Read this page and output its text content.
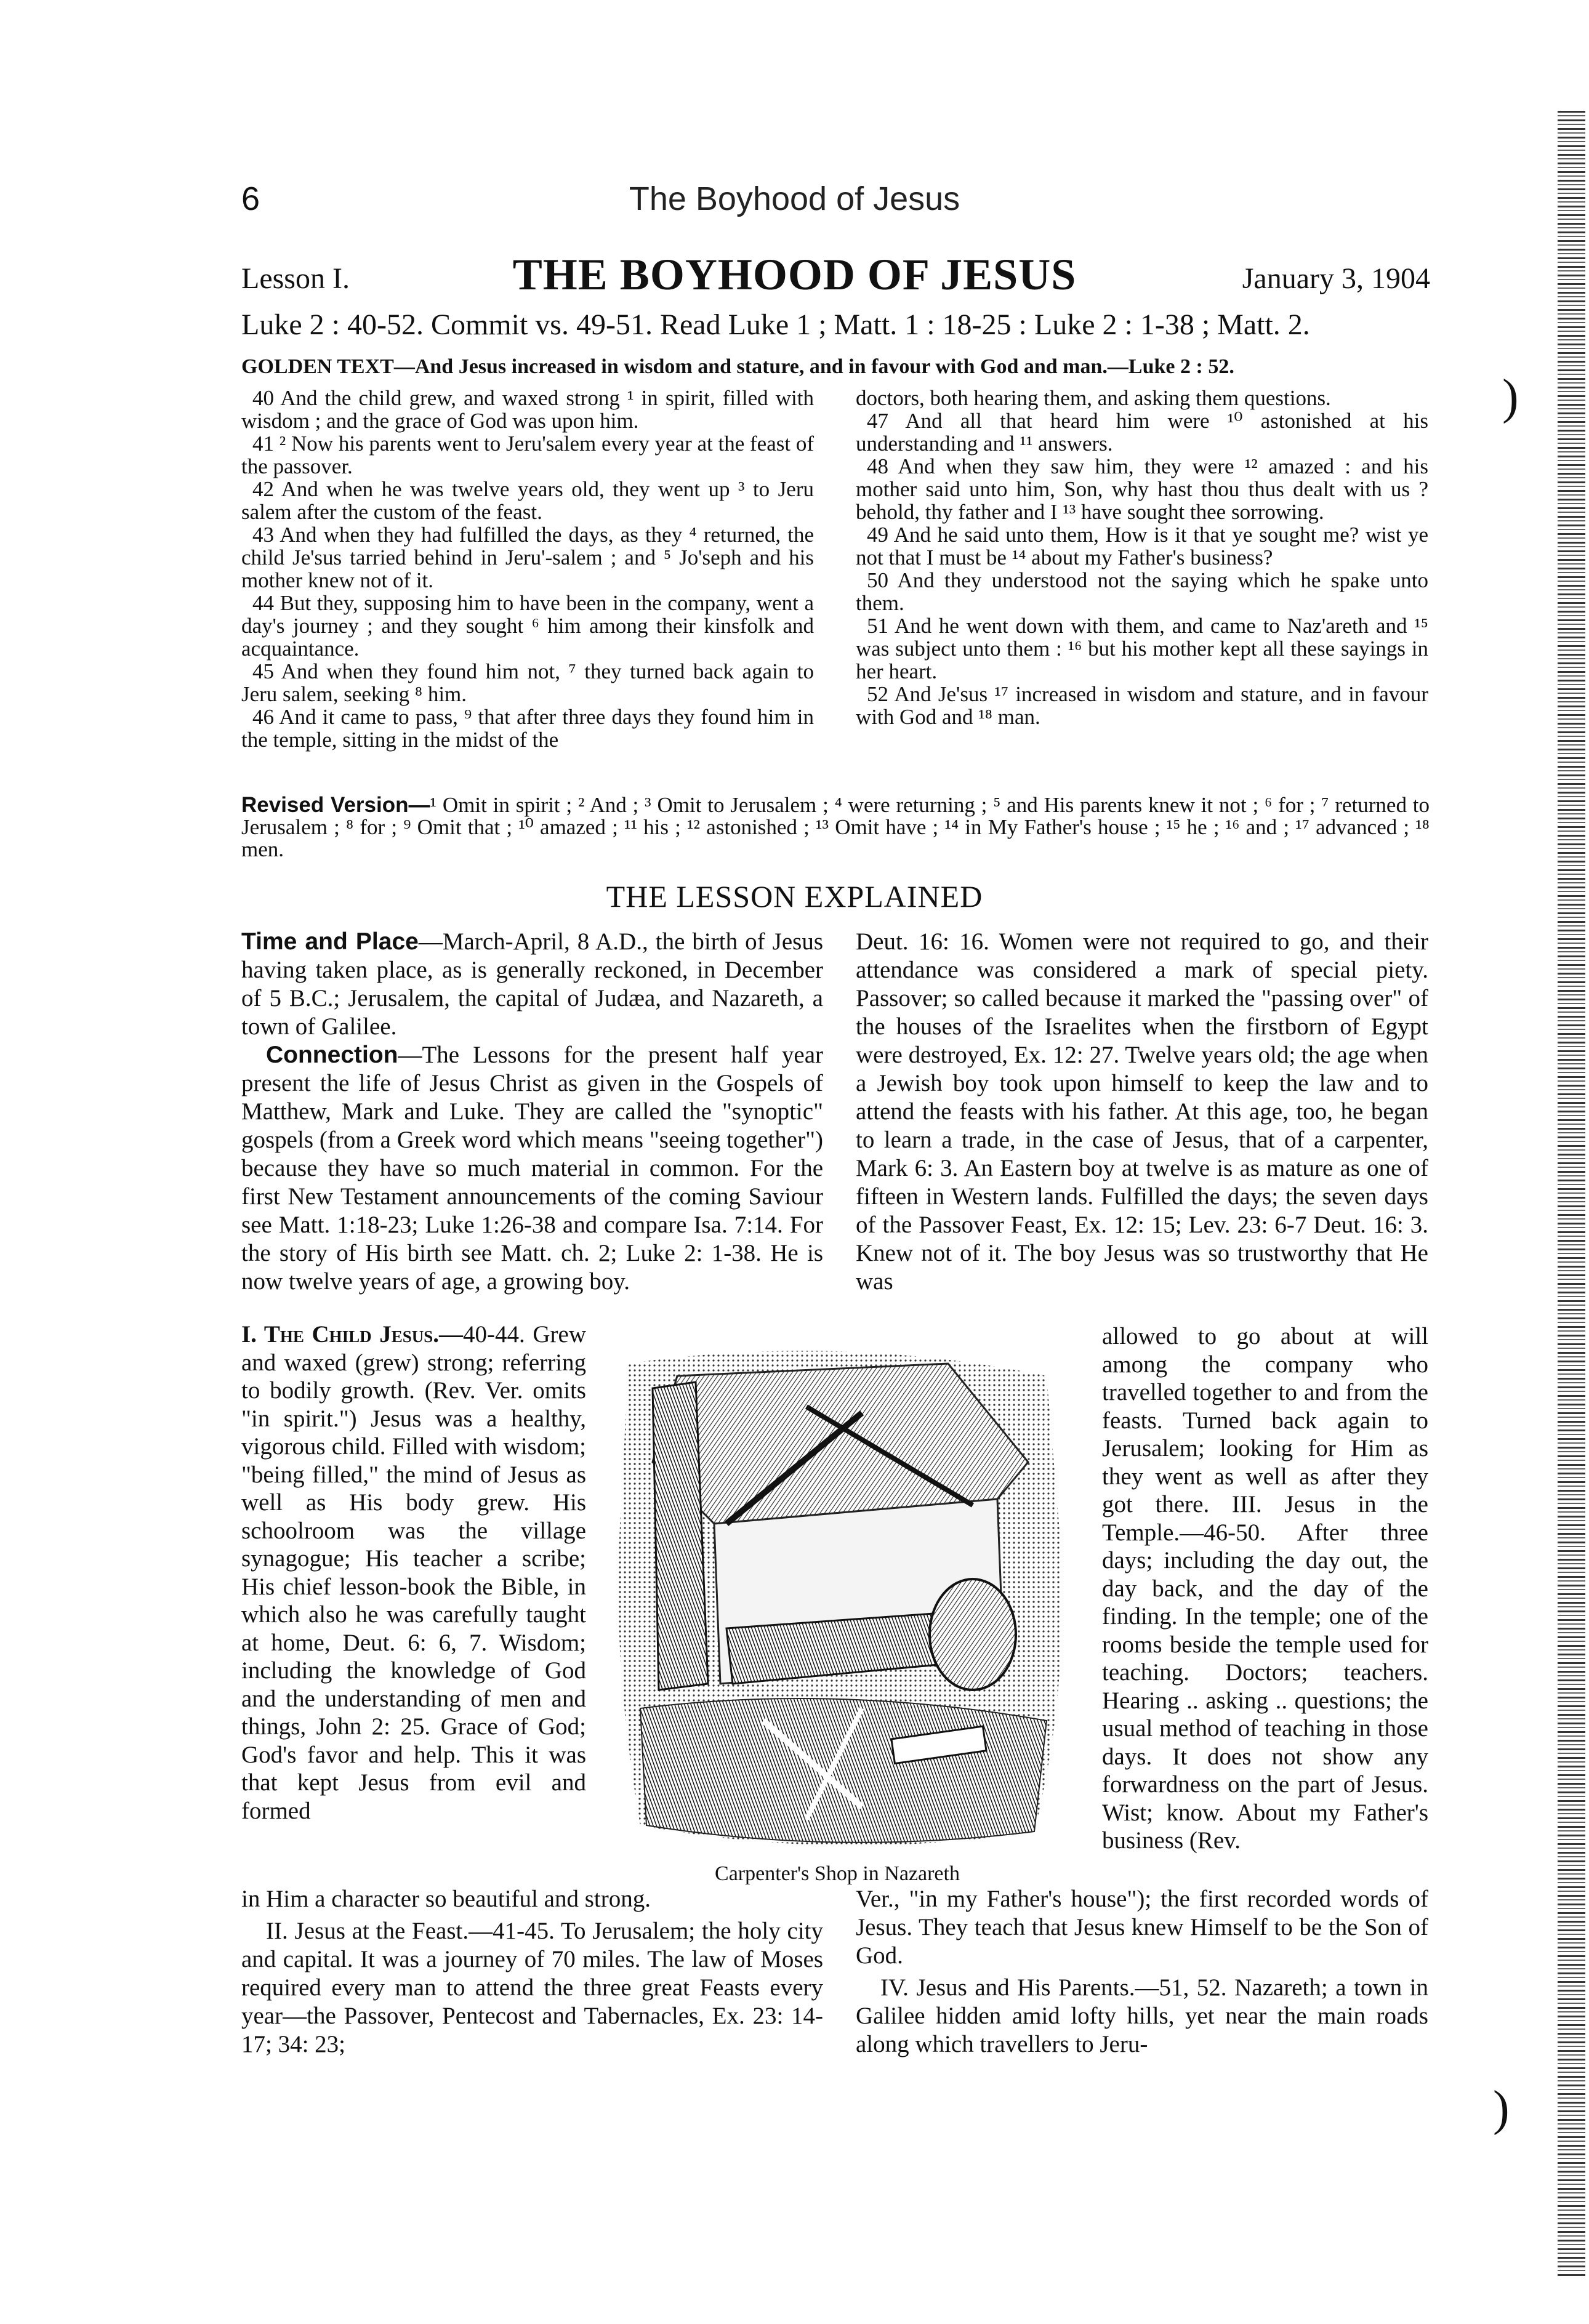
6	The Boyhood of Jesus
Lesson I.	THE BOYHOOD OF JESUS	January 3, 1904
Luke 2 : 40-52. Commit vs. 49-51. Read Luke 1 ; Matt. 1 : 18-25 : Luke 2 : 1-38 ; Matt. 2.
GOLDEN TEXT—And Jesus increased in wisdom and stature, and in favour with God and man.—Luke 2 : 52.

40 And the child grew, and waxed strong ¹ in spirit, filled with wisdom ; and the grace of God was upon him.

41 ² Now his parents went to Jeru'salem every year at the feast of the passover.

42 And when he was twelve years old, they went up ³ to Jeru salem after the custom of the feast.

43 And when they had fulfilled the days, as they ⁴ returned, the child Je'sus tarried behind in Jeru'-salem ; and ⁵ Jo'seph and his mother knew not of it.

44 But they, supposing him to have been in the company, went a day's journey ; and they sought ⁶ him among their kinsfolk and acquaintance.

45 And when they found him not, ⁷ they turned back again to Jeru salem, seeking ⁸ him.

46 And it came to pass, ⁹ that after three days they found him in the temple, sitting in the midst of the

doctors, both hearing them, and asking them questions.

47 And all that heard him were ¹⁰ astonished at his understanding and ¹¹ answers.

48 And when they saw him, they were ¹² amazed : and his mother said unto him, Son, why hast thou thus dealt with us ? behold, thy father and I ¹³ have sought thee sorrowing.

49 And he said unto them, How is it that ye sought me? wist ye not that I must be ¹⁴ about my Father's business?

50 And they understood not the saying which he spake unto them.

51 And he went down with them, and came to Naz'areth and ¹⁵ was subject unto them : ¹⁶ but his mother kept all these sayings in her heart.

52 And Je'sus ¹⁷ increased in wisdom and stature, and in favour with God and ¹⁸ man.

Revised Version—¹ Omit in spirit ; ² And ; ³ Omit to Jerusalem ; ⁴ were returning ; ⁵ and His parents knew it not ; ⁶ for ; ⁷ returned to Jerusalem ; ⁸ for ; ⁹ Omit that ; ¹⁰ amazed ; ¹¹ his ; ¹² astonished ; ¹³ Omit have ; ¹⁴ in My Father's house ; ¹⁵ he ; ¹⁶ and ; ¹⁷ advanced ; ¹⁸ men.
THE LESSON EXPLAINED

Time and Place—March-April, 8 A.D., the birth of Jesus having taken place, as is generally reckoned, in December of 5 B.C.; Jerusalem, the capital of Judæa, and Nazareth, a town of Galilee.

Connection—The Lessons for the present half year present the life of Jesus Christ as given in the Gospels of Matthew, Mark and Luke. They are called the "synoptic" gospels (from a Greek word which means "seeing together") because they have so much material in common. For the first New Testament announcements of the coming Saviour see Matt. 1:18-23; Luke 1:26-38 and compare Isa. 7:14. For the story of His birth see Matt. ch. 2; Luke 2: 1-38. He is now twelve years of age, a growing boy.

I. The Child Jesus.—40-44. Grew and waxed (grew) strong; referring to bodily growth. (Rev. Ver. omits "in spirit.") Jesus was a healthy, vigorous child. Filled with wisdom; "being filled," the mind of Jesus as well as His body grew. His schoolroom was the village synagogue; His teacher a scribe; His chief lesson-book the Bible, in which also he was carefully taught at home, Deut. 6: 6, 7. Wisdom; including the knowledge of God and the understanding of men and things, John 2: 25. Grace of God; God's favor and help. This it was that kept Jesus from evil and formed

in Him a character so beautiful and strong.

II. Jesus at the Feast.—41-45. To Jerusalem; the holy city and capital. It was a journey of 70 miles. The law of Moses required every man to attend the three great Feasts every year—the Passover, Pentecost and Tabernacles, Ex. 23: 14-17; 34: 23;

Deut. 16: 16. Women were not required to go, and their attendance was considered a mark of special piety. Passover; so called because it marked the "passing over" of the houses of the Israelites when the firstborn of Egypt were destroyed, Ex. 12: 27. Twelve years old; the age when a Jewish boy took upon himself to keep the law and to attend the feasts with his father. At this age, too, he began to learn a trade, in the case of Jesus, that of a carpenter, Mark 6: 3. An Eastern boy at twelve is as mature as one of fifteen in Western lands. Fulfilled the days; the seven days of the Passover Feast, Ex. 12: 15; Lev. 23: 6-7 Deut. 16: 3. Knew not of it. The boy Jesus was so trustworthy that He was

allowed to go about at will among the company who travelled together to and from the feasts. Turned back again to Jerusalem; looking for Him as they went as well as after they got there. III. Jesus in the Temple.—46-50. After three days; including the day out, the day back, and the day of the finding. In the temple; one of the rooms beside the temple used for teaching. Doctors; teachers. Hearing .. asking .. questions; the usual method of teaching in those days. It does not show any forwardness on the part of Jesus. Wist; know. About my Father's business (Rev.

Ver., "in my Father's house"); the first recorded words of Jesus. They teach that Jesus knew Himself to be the Son of God.

IV. Jesus and His Parents.—51, 52. Nazareth; a town in Galilee hidden amid lofty hills, yet near the main roads along which travellers to Jeru-

Carpenter's Shop in Nazareth
)
)
